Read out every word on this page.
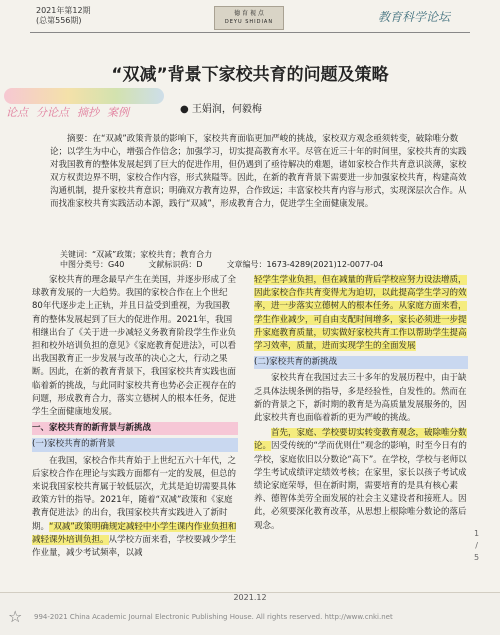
2021年第12期
(总第556期)
德 育 视 点
DEYU SHIDIAN	教育科学论坛
“双减”背景下家校共育的问题及策略
论点 分论点 摘抄 案例	● 王娟润，何毅梅
摘要：在“双减”政策背景的影响下，家校共育面临更加严峻的挑战，家校双方观念亟须转变，破除唯分数论；以学生为中心，增强合作信念；加强学习，切实提高教育水平。尽管在近三十年的时间里，家校共育的实践对我国教育的整体发展起到了巨大的促进作用，但仍遇到了亟待解决的难题，诸如家校合作共育意识淡薄，家校双方权责边界不明，家校合作内容，形式狭隘等。因此，在新的教育背景下需要进一步加强家校共育，构建高效沟通机制，提升家校共育意识；明确双方教育边界，合作致远；丰富家校共育内容与形式，实现深层次合作。从而找准家校共育实践活动本源，践行“双减”，形成教育合力，促进学生全面健康发展。
关键词：“双减”政策；家校共育；教育合力
中图分类号：G40	文献标识码：D	文章编号：1673-4289(2021)12-0077-04

家校共育的理念最早产生在美国，并逐步形成了全球教育发展的一大趋势。我国的家校合作在上个世纪80年代逐步走上正轨，并且日益受到重视，为我国教育的整体发展起到了巨大的促进作用。2021年，我国相继出台了《关于进一步减轻义务教育阶段学生作业负担和校外培训负担的意见》《家庭教育促进法》，可以看出我国教育正一步发展与改革的决心之大，行动之果断。因此，在新的教育背景下，我国家校共育实践也面临着新的挑战，与此同时家校共育也势必会正视存在的问题，形成教育合力，落实立德树人的根本任务，促进学生全面健康地发展。

一、家校共育的新背景与新挑战
(一)家校共育的新背景

在我国，家校合作共育始于上世纪五六十年代，之后家校合作在理论与实践方面都有一定的发展，但总的来说我国家校共育属于较低层次，尤其是迫切需要具体政策方针的指导。2021年，随着“双减”政策和《家庭教育促进法》的出台，我国家校共育实践进入了新时期。“双减”政策明确规定减轻中小学生课内作业负担和减轻课外培训负担。从学校方面来看，学校要减少学生作业量，减少考试频率，以减

轻学生学业负担，但在减量的背后学校应努力设法增质，因此家校合作共育变得尤为迫切，以此提高学生学习的效率，进一步落实立德树人的根本任务。从家庭方面来看，学生作业减少，可自由支配时间增多，家长必须进一步提升家庭教育质量，切实做好家校共育工作以帮助学生提高学习效率，质量，进而实现学生的全面发展

(二)家校共育的新挑战

家校共育在我国过去三十多年的发展历程中，由于缺乏具体法规条例的指导，多是经验性，自发性的。然而在新的背景之下，新时期的教育是为高质量发展服务的，因此家校共育也面临着新的更为严峻的挑战。

首先，家庭、学校要切实转变教育观念，破除唯分数论。因受传统的“学而优则仕”观念的影响，时至今日有的学校，家庭依旧以分数论“高下”。在学校，学校与老师以学生考试成绩评定绩效考核；在家里，家长以孩子考试成绩论家庭荣辱，但在新时期，需要培育的是具有核心素养、德智体美劳全面发展的社会主义建设者和接班人。因此，必须要深化教育改革，从思想上根除唯分数论的落后观念。

1
/
5
2021.12
☆ 994-2021 China Academic Journal Electronic Publishing House. All rights reserved. http://www.cnki.net
